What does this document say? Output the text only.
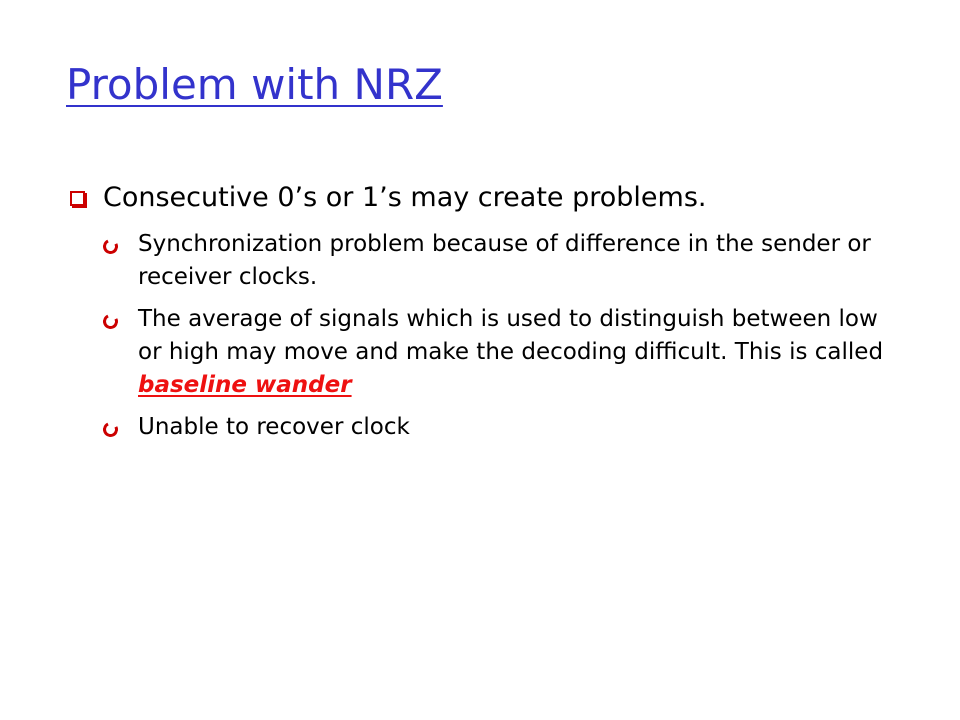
Problem with NRZ
Consecutive 0’s or 1’s may create problems.
Synchronization problem because of difference in the sender or receiver clocks.
The average of signals which is used to distinguish between low or high may move and make the decoding difficult. This is called baseline wander
Unable to recover clock
